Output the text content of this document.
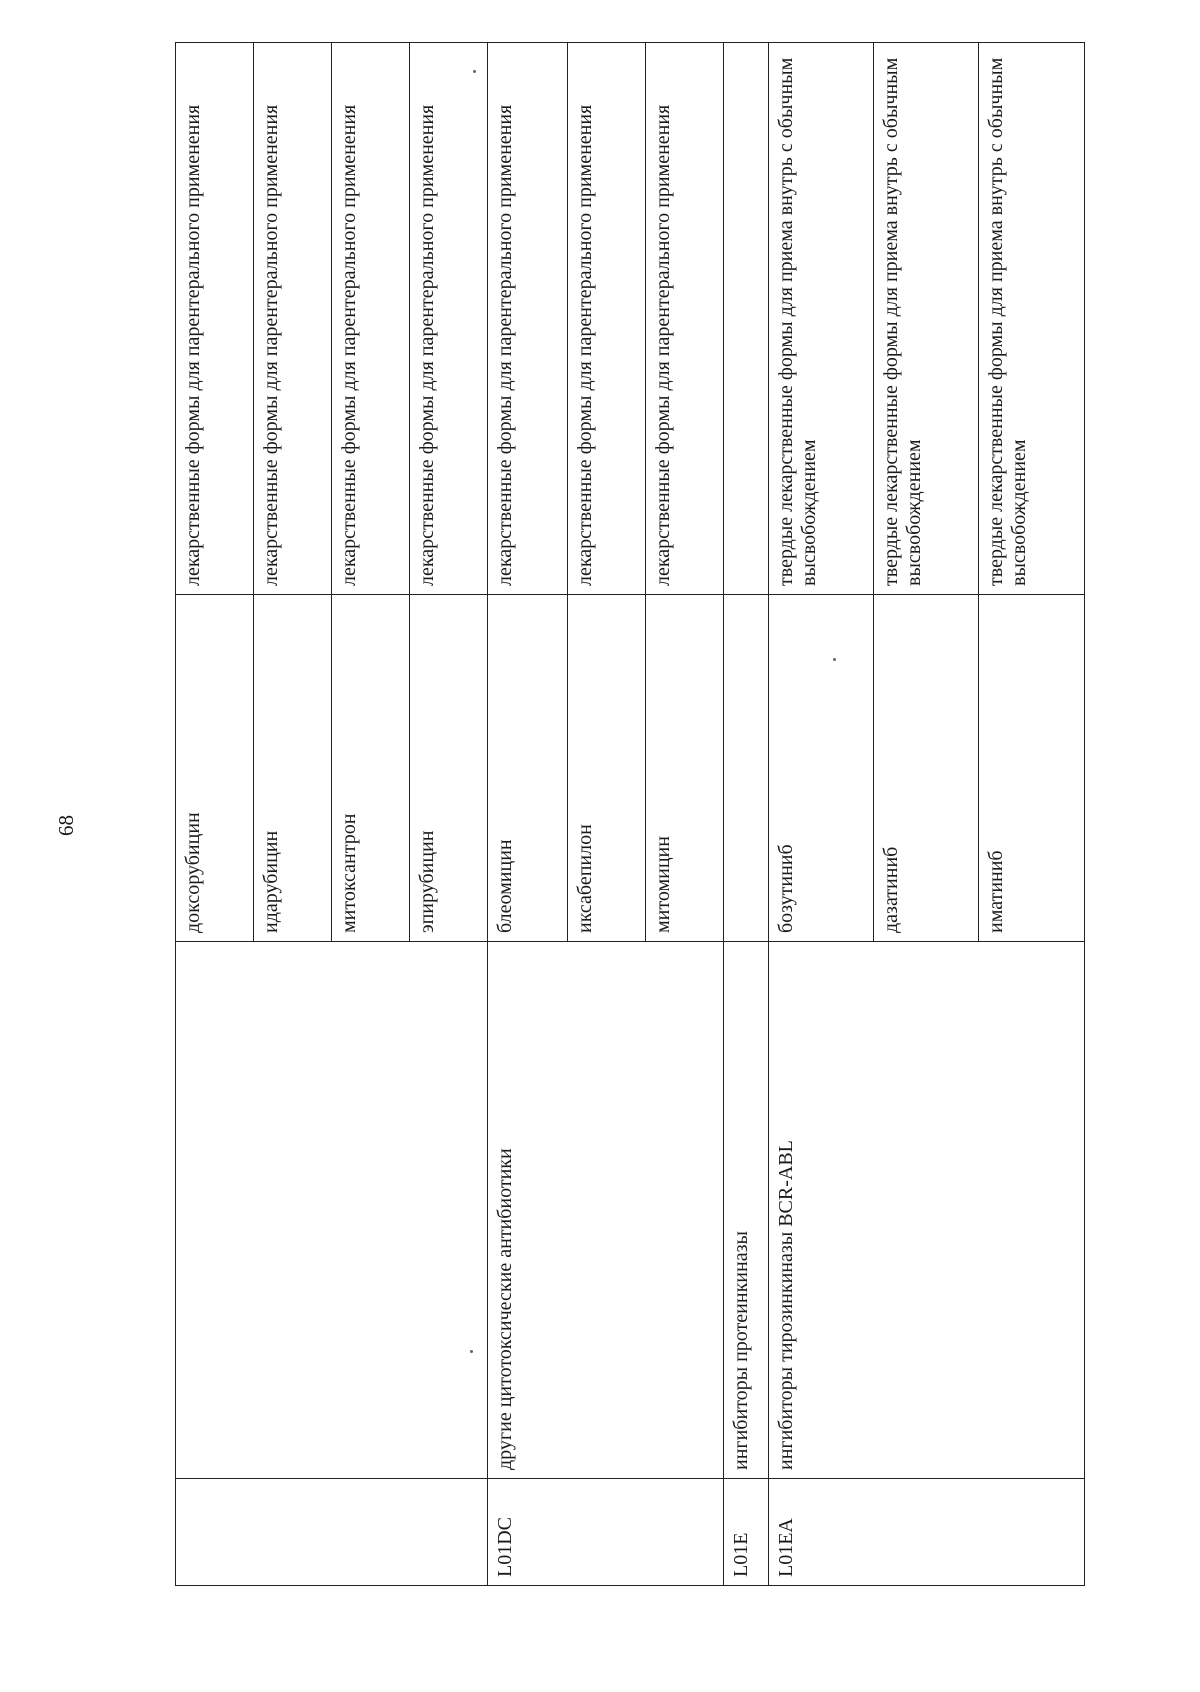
68
			доксорубицин	лекарственные формы для парентерального применения
		идарубицин	лекарственные формы для парентерального применения
		митоксантрон	лекарственные формы для парентерального применения
		эпирубицин	лекарственные формы для парентерального применения
L01DC	другие цитотоксические антибиотики	блеомицин	лекарственные формы для парентерального применения
		иксабепилон	лекарственные формы для парентерального применения
		митомицин	лекарственные формы для парентерального применения
L01E	ингибиторы протеинкиназы		
L01EA	ингибиторы тирозинкиназы BCR-ABL	бозутиниб	твердые лекарственные формы для приема внутрь с обычным высвобождением
		дазатиниб	твердые лекарственные формы для приема внутрь с обычным высвобождением
		иматиниб	твердые лекарственные формы для приема внутрь с обычным высвобождением
